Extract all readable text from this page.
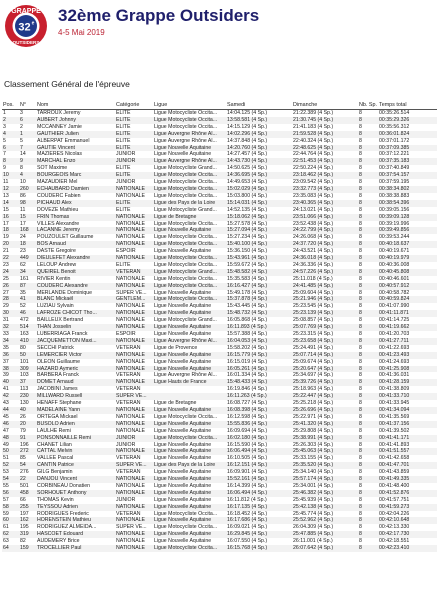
GRAPPE
OUTSIDERS
32 e 32ème Grappe Outsiders
4-5 Mai 2019
Classement Général de l'épreuve
Pos.	N°	Nom	Catégorie	Ligue	Samedi	Dimanche	Nb. Sp.	Temps total
1	3	TARROUX Jeremy	ELITE	Ligue Motocycliste Occita...	14:04.125 (4 Sp.)	21:22.389 (4 Sp.)	8	00:35:26.514
2	6	AUBERT Johnny	ELITE	Ligue Motocycliste Occita...	13:58.581 (4 Sp.)	21:30.745 (4 Sp.)	8	00:35:29.326
3	2	MCCANNEY Jamie	ELITE	Ligue Motocycliste Occita...	14:15.129 (4 Sp.)	21:41.183 (4 Sp.)	8	00:35:56.312
4	1	GAUTHIER Julien	ELITE	Ligue Auvergne Rhône Al...	14:02.296 (4 Sp.)	21:59.528 (4 Sp.)	8	00:36:01.824
5	5	ALBERPAT Emmanuel	ELITE	Ligue Auvergne Rhône Al...	14:37.848 (4 Sp.)	22:40.324 (4 Sp.)	8	00:37:01.172
6	7	GAUTIE Vincent	ELITE	Ligue Nouvelle Aquitaine	14:20.760 (4 Sp.)	22:48.625 (4 Sp.)	8	00:37:09.385
7	14	MAZIERES Nicolas	JUNIOR	Ligue Nouvelle Aquitaine	14:27.457 (4 Sp.)	22:44.764 (4 Sp.)	8	00:37:12.221
8	9	MARCHAL Enzo	JUNIOR	Ligue Auvergne Rhône Al...	14:43.730 (4 Sp.)	22:51.453 (4 Sp.)	8	00:37:35.183
9	8	SOT Maxime	ELITE	Ligue Motocycliste Grand...	14:50.625 (4 Sp.)	22:50.224 (4 Sp.)	8	00:37:40.849
10	4	BOURGEOIS Marc	ELITE	Ligue Motocycliste Occita...	14:36.695 (4 Sp.)	23:18.462 (4 Sp.)	8	00:37:54.157
11	10	MAZAUDIER Mel	JUNIOR	Ligue Motocycliste Occita...	14:49.653 (4 Sp.)	23:09.542 (4 Sp.)	8	00:37:59.195
12	260	ECHAUBARD Damien	NATIONALE	Ligue Motocycliste Occita...	15:02.029 (4 Sp.)	23:32.773 (4 Sp.)	8	00:38:34.802
13	86	COUDERC Fabien	NATIONALE	Ligue Motocycliste Occita...	15:03.800 (4 Sp.)	23:35.083 (4 Sp.)	8	00:38:38.883
14	98	PICHAUD Alex	ELITE	Ligue des Pays de la Loire	15:14.031 (4 Sp.)	23:40.365 (4 Sp.)	8	00:38:54.396
15	11	DOVEZE Mathieu	ELITE	Ligue Motocycliste Grand...	14:52.135 (4 Sp.)	24:13.021 (4 Sp.)	8	00:39:05.156
16	15	FRIN Thomas	NATIONALE	Ligue de Bretagne	15:18.062 (4 Sp.)	23:51.066 (4 Sp.)	8	00:39:09.128
17	17	VILLES Alexandre	NATIONALE	Ligue Motocycliste Occita...	15:27.578 (4 Sp.)	23:52.438 (4 Sp.)	8	00:39:19.996
18	168	LACANNE Jeremy	NATIONALE	Ligue Nouvelle Aquitaine	15:27.094 (4 Sp.)	24:22.799 (4 Sp.)	8	00:39:49.856
19	24	POUZOULET Guillaume	NATIONALE	Ligue Motocycliste Occita...	15:27.234 (4 Sp.)	24:26.068 (4 Sp.)	8	00:39:53.244
20	18	BOS Arnaud	NATIONALE	Ligue Motocycliste Occita...	15:40.100 (4 Sp.)	24:37.720 (4 Sp.)	8	00:40:18.637
21	23	DASTE Gregoire	ESPOIR	Ligue Nouvelle Aquitaine	15:36.150 (4 Sp.)	24:43.521 (4 Sp.)	8	00:40:19.671
22	449	DIEULEFET Alexandre	NATIONALE	Ligue Motocycliste Occita...	15:43.961 (4 Sp.)	24:36.018 (4 Sp.)	8	00:40:19.979
23	62	LELOUP Andrew	ELITE	Ligue Motocycliste Occita...	15:59.672 (4 Sp.)	24:36.336 (4 Sp.)	8	00:40:36.008
24	34	QUEIREL Benoit	VETERAN	Ligue Motocycliste Grand...	15:48.582 (4 Sp.)	24:57.226 (4 Sp.)	8	00:40:45.808
25	161	RIVIER Kentin	NATIONALE	Ligue Motocycliste Occita...	15:35.583 (4 Sp.)	25:11.018 (4 Sp.)	8	00:40:46.601
26	87	COUDERC Alexandre	NATIONALE	Ligue Motocycliste Occita...	16:16.427 (4 Sp.)	24:41.485 (4 Sp.)	8	00:40:57.912
27	35	MERLANDE Dominique	SUPER VE...	Ligue Nouvelle Aquitaine	15:49.178 (4 Sp.)	25:09.604 (4 Sp.)	8	00:40:58.782
28	41	BLANC Mickaël	GENTLEM...	Ligue Motocycliste Occita...	15:37.878 (4 Sp.)	25:21.946 (4 Sp.)	8	00:40:59.824
29	52	LUZIAU Sylvain	NATIONALE	Ligue Nouvelle Aquitaine	15:43.445 (4 Sp.)	25:23.545 (4 Sp.)	8	00:41:07.990
30	46	LAFROZE CHICOT Tho...	NATIONALE	Ligue Nouvelle Aquitaine	15:48.732 (4 Sp.)	25:23.139 (4 Sp.)	8	00:41:11.871
31	472	BAILLEUX Bertrand	NATIONALE	Ligue Motocycliste Grand...	16:05.868 (4 Sp.)	25:08.857 (4 Sp.)	8	00:41:14.725
32	514	THAN Josselin	NATIONALE	Ligue Nouvelle Aquitaine	16:11.893 (4 Sp.)	25:07.769 (4 Sp.)	8	00:41:19.662
33	163	LUBERRIAGA Franck	ESPOIR	Ligue Nouvelle Aquitaine	15:57.388 (4 Sp.)	25:23.315 (4 Sp.)	8	00:41:20.703
34	410	JACQUEMETTON Maxi...	NATIONALE	Ligue Auvergne Rhône Al...	16:04.053 (4 Sp.)	25:23.658 (4 Sp.)	8	00:41:27.711
35	80	SECCHI Patrick	VETERAN	Ligue de Provence	15:58.202 (4 Sp.)	25:24.491 (4 Sp.)	8	00:41:22.693
36	50	LEMERCIER Victor	NATIONALE	Ligue Nouvelle Aquitaine	16:15.779 (4 Sp.)	25:07.714 (4 Sp.)	8	00:41:23.493
37	101	OLEON Guillaume	NATIONALE	Ligue Nouvelle Aquitaine	16:15.019 (4 Sp.)	25:09.674 (4 Sp.)	8	00:41:24.693
38	309	HAZARD Aymeric	NATIONALE	Ligue Nouvelle Aquitaine	16:05.261 (4 Sp.)	25:20.647 (4 Sp.)	8	00:41:25.908
39	103	BARBERA Franck	VETERAN	Ligue Auvergne Rhône Al...	16:01.334 (4 Sp.)	25:34.697 (4 Sp.)	8	00:41:36.031
40	37	DOMET Arnaud	NATIONALE	Ligue Hauts de France	15:48.433 (4 Sp.)	25:39.726 (4 Sp.)	8	00:41:28.159
41	113	JACOBINI James	VETERAN		16:19.846 (4 Sp.)	25:18.963 (4 Sp.)	8	00:41:38.809
42	230	MILLWARD Russell	SUPER VE...		16:11.263 (4 Sp.)	25:22.447 (4 Sp.)	8	00:41:33.710
43	130	HENAFF Stephane	VETERAN	Ligue de Bretagne	16:08.727 (4 Sp.)	25:25.218 (4 Sp.)	8	00:41:33.945
44	40	MADELAINE Yann	NATIONALE	Ligue Nouvelle Aquitaine	16:08.398 (4 Sp.)	25:26.696 (4 Sp.)	8	00:41:34.094
45	26	ORTEGA Mickael	NATIONALE	Ligue Motocycliste Occita...	16:12.598 (4 Sp.)	25:22.971 (4 Sp.)	8	00:41:35.569
46	20	BUSOLO Adrien	NATIONALE	Ligue Nouvelle Aquitaine	15:55.836 (4 Sp.)	25:41.320 (4 Sp.)	8	00:41:37.156
47	79	LAULHE Remi	NATIONALE	Ligue Nouvelle Aquitaine	16:09.694 (4 Sp.)	25:29.808 (4 Sp.)	8	00:41:39.502
48	91	PONSONNAILLE Remi	JUNIOR	Ligue Motocycliste Occita...	16:02.180 (4 Sp.)	25:38.991 (4 Sp.)	8	00:41:41.171
49	196	CHANET Lilian	JUNIOR	Ligue Nouvelle Aquitaine	16:15.590 (4 Sp.)	25:26.303 (4 Sp.)	8	00:41:41.893
50	272	CATTAL Melvin	NATIONALE	Ligue Nouvelle Aquitaine	16:06.494 (4 Sp.)	25:45.063 (4 Sp.)	8	00:41:51.557
51	85	VALLEE Pascal	VETERAN	Ligue Nouvelle Aquitaine	16:10.505 (4 Sp.)	25:33.155 (4 Sp.)	8	00:41:42.658
52	54	CANTIN Patrice	SUPER VE...	Ligue des Pays de la Loire	16:12.151 (4 Sp.)	25:35.520 (4 Sp.)	8	00:41:47.701
53	276	GILG Benjamin	VETERAN	Ligue Nouvelle Aquitaine	16:09.901 (4 Sp.)	25:34.140 (4 Sp.)	8	00:41:43.859
54	22	DANJOU Vincent	NATIONALE	Ligue Nouvelle Aquitaine	15:52.161 (4 Sp.)	25:57.174 (4 Sp.)	8	00:41:49.335
55	501	CORBINEAU Donatien	NATIONALE	Ligue Nouvelle Aquitaine	16:14.399 (4 Sp.)	25:34.001 (4 Sp.)	8	00:41:48.400
56	458	SORHOUET Anthony	NATIONALE	Ligue Nouvelle Aquitaine	16:06.494 (4 Sp.)	25:46.382 (4 Sp.)	8	00:41:52.876
57	66	THOMAS Kevin	JUNIOR	Ligue Nouvelle Aquitaine	16:11.812 (4 Sp.)	25:45.939 (4 Sp.)	8	00:41:57.751
58	255	TEYSSOU Adrien	NATIONALE	Ligue Nouvelle Aquitaine	16:17.135 (4 Sp.)	25:42.138 (4 Sp.)	8	00:41:59.273
59	197	RODRIGUES Frederic	VETERAN	Ligue Motocycliste Occita...	16:18.452 (4 Sp.)	25:45.774 (4 Sp.)	8	00:42:04.226
60	162	HORENSTEIN Mathieu	NATIONALE	Ligue Nouvelle Aquitaine	16:17.686 (4 Sp.)	25:52.962 (4 Sp.)	8	00:42:10.648
61	195	RODRIGUEZ ALMEIDA...	SUPER VE...	Ligue Motocycliste Occita...	16:09.021 (4 Sp.)	26:04.309 (4 Sp.)	8	00:42:13.330
62	319	HASCOET Edouard	NATIONALE	Ligue Nouvelle Aquitaine	16:29.845 (4 Sp.)	25:47.885 (4 Sp.)	8	00:42:17.730
63	82	AUDEMERY Brice	NATIONALE	Ligue Nouvelle Aquitaine	16:07.550 (4 Sp.)	26:11.001 (4 Sp.)	8	00:42:18.551
64	159	TROCELLIER Paul	NATIONALE	Ligue Motocycliste Occita...	16:15.768 (4 Sp.)	26:07.642 (4 Sp.)	8	00:42:23.410
